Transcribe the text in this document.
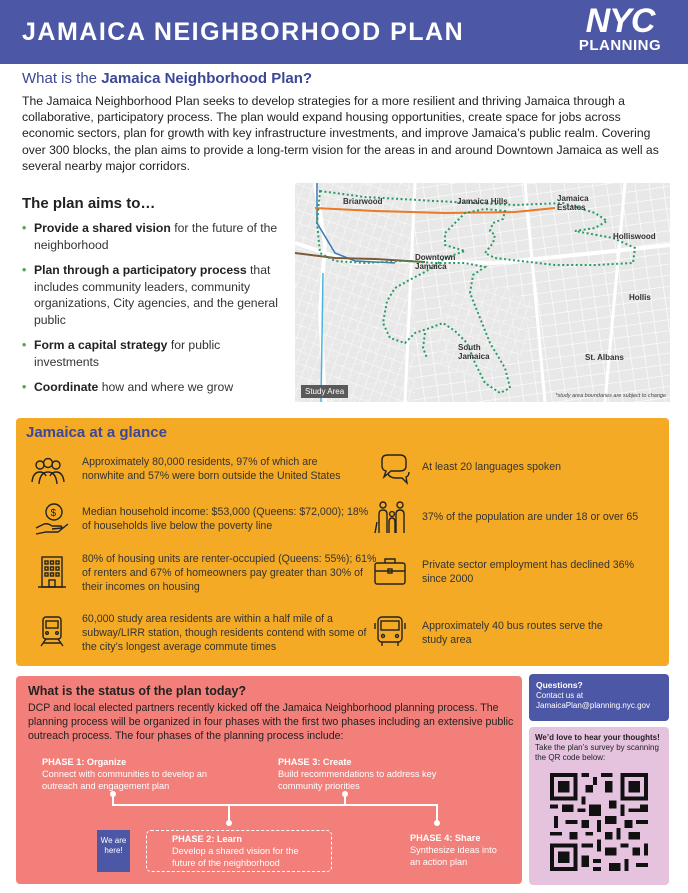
JAMAICA NEIGHBORHOOD PLAN	NYC
PLANNING
What is the Jamaica Neighborhood Plan?
The Jamaica Neighborhood Plan seeks to develop strategies for a more resilient and thriving Jamaica through a collaborative, participatory process. The plan would expand housing opportunities, create space for jobs across economic sectors, plan for growth with key infrastructure investments, and improve Jamaica’s public realm. Covering over 300 blocks, the plan aims to provide a long-term vision for the areas in and around Downtown Jamaica as well as several nearby major corridors.
The plan aims to…
• Provide a shared vision for the future of the neighborhood
• Plan through a participatory process that includes community leaders, community organizations, City agencies, and the general public
• Form a capital strategy for public investments
• Coordinate how and where we grow
Briarwood	Jamaica Hills	Jamaica
Estates
Holliswood
Downtown
Jamaica
Hollis
South
Jamaica	St. Albans
Study Area	*study area boundaries are subject to change
Jamaica at a glance
Approximately 80,000 residents, 97% of which are nonwhite and 57% were born outside the United States
At least 20 languages spoken
$ Median household income: $53,000 (Queens: $72,000); 18% of households live below the poverty line
37% of the population are under 18 or over 65
80% of housing units are renter-occupied (Queens: 55%); 61% of renters and 67% of homeowners pay greater than 30% of their incomes on housing
Private sector employment has declined 36% since 2000
60,000 study area residents are within a half mile of a subway/LIRR station, though residents contend with some of the city’s longest average commute times
Approximately 40 bus routes serve the study area
What is the status of the plan today?
DCP and local elected partners recently kicked off the Jamaica Neighborhood planning process. The planning process will be organized in four phases with the first two phases including an extensive public outreach process. The four phases of the planning process include:
PHASE 1: Organize
Connect with communities to develop an outreach and engagement plan
PHASE 3: Create
Build recommendations to address key community priorities
We are here!
PHASE 2: Learn
Develop a shared vision for the future of the neighborhood
PHASE 4: Share
Synthesize ideas into an action plan
Questions?
Contact us at
JamaicaPlan@planning.nyc.gov
We’d love to hear your thoughts!
Take the plan’s survey by scanning the QR code below:
